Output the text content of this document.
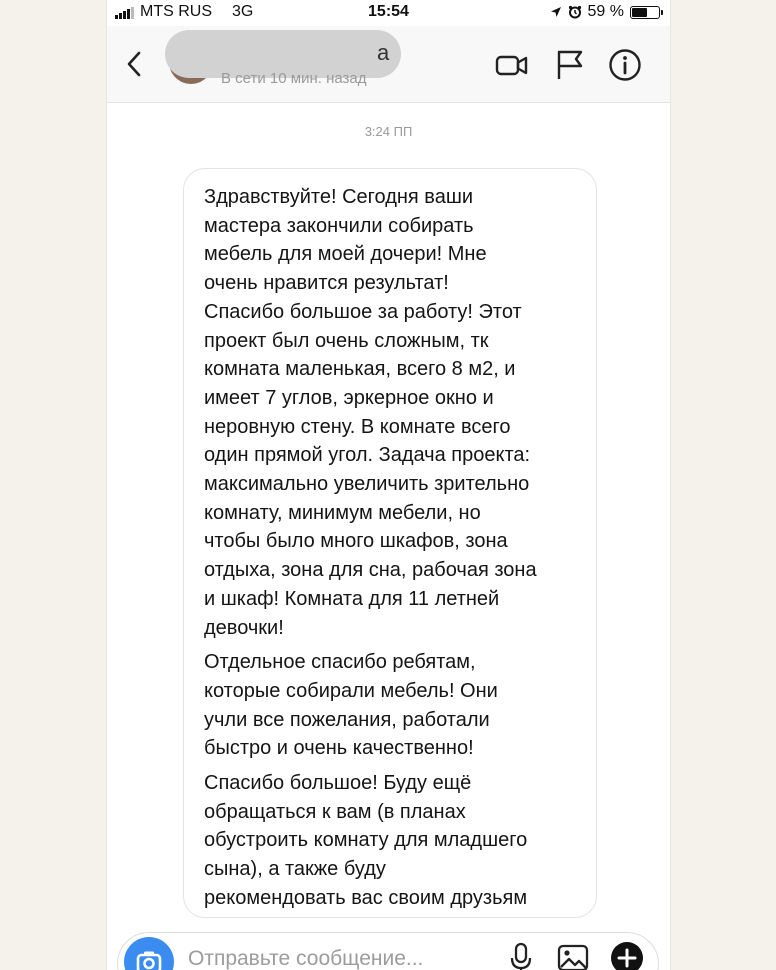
MTS RUS 3G	15:54	59 %
а
В сети 10 мин. назад
3:24 ПП
Здравствуйте! Сегодня ваши
мастера закончили собирать
мебель для моей дочери! Мне
очень нравится результат!
Спасибо большое за работу! Этот
проект был очень сложным, тк
комната маленькая, всего 8 м2, и
имеет 7 углов, эркерное окно и
неровную стену. В комнате всего
один прямой угол. Задача проекта:
максимально увеличить зрительно
комнату, минимум мебели, но
чтобы было много шкафов, зона
отдыха, зона для сна, рабочая зона
и шкаф! Комната для 11 летней
девочки!
Отдельное спасибо ребятам,
которые собирали мебель! Они
учли все пожелания, работали
быстро и очень качественно!
Спасибо большое! Буду ещё
обращаться к вам (в планах
обустроить комнату для младшего
сына), а также буду
рекомендовать вас своим друзьям
Отправьте сообщение...
